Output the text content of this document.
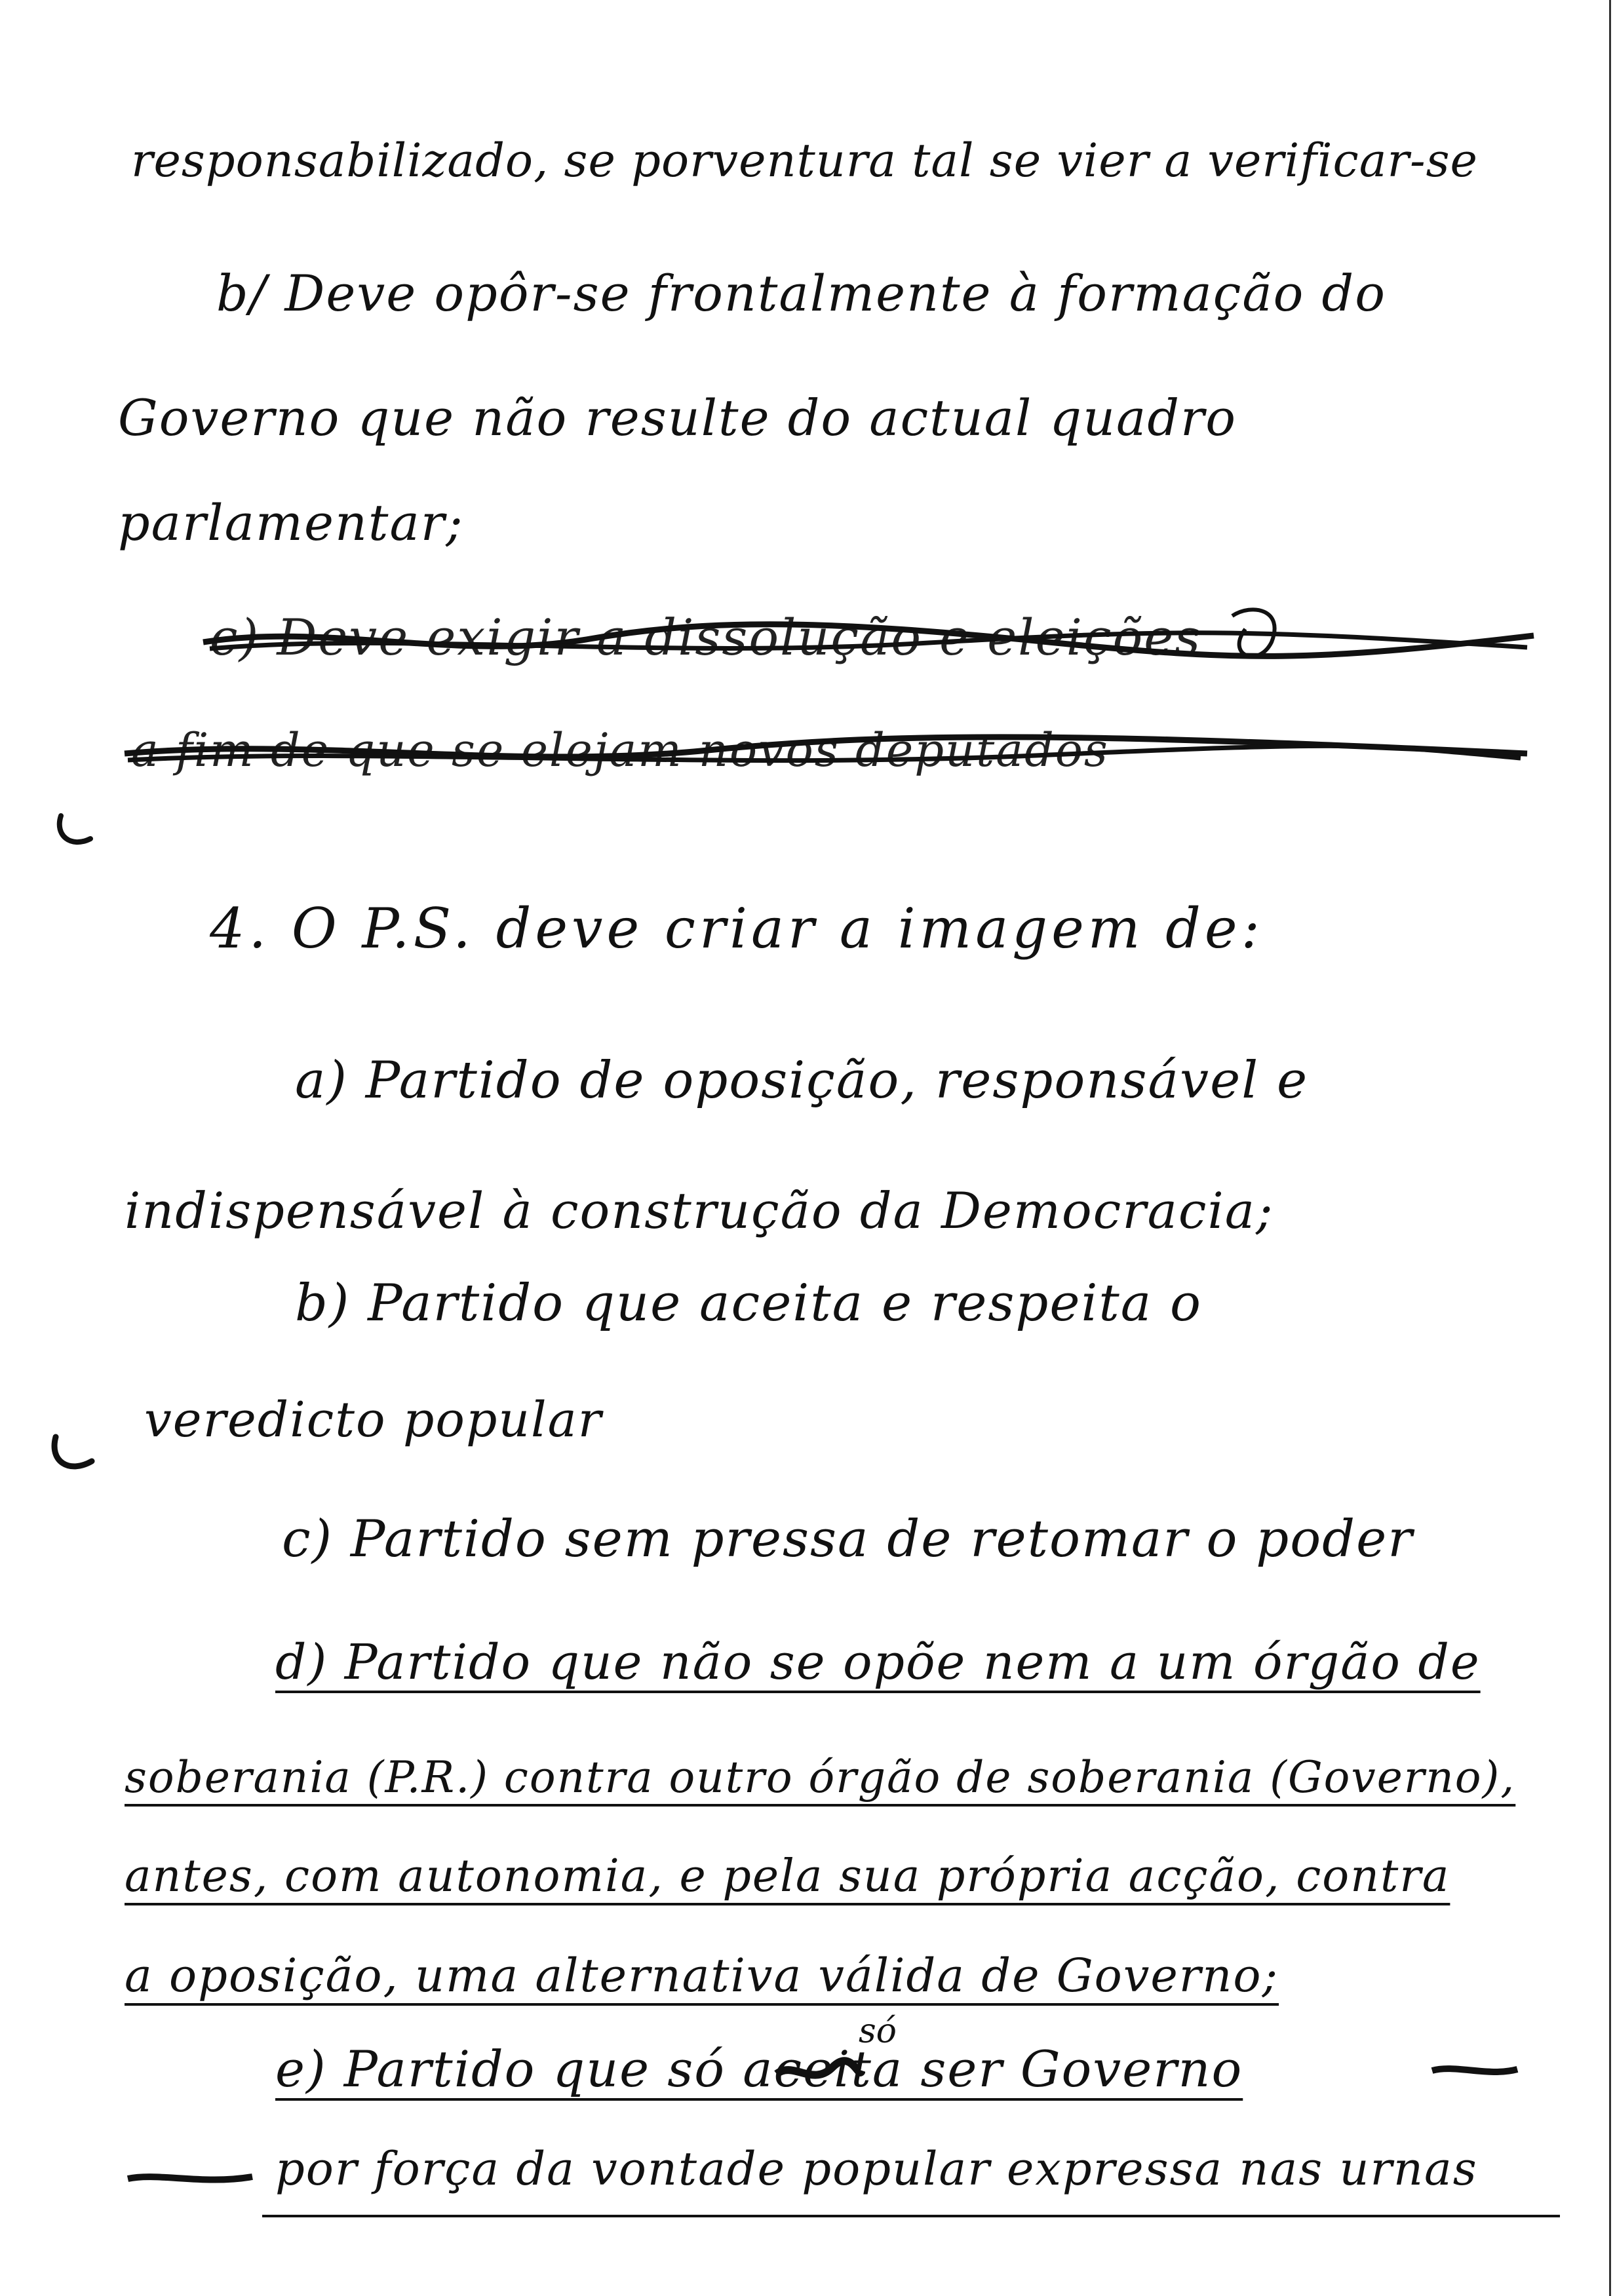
responsabilizado, se porventura tal se vier a verificar-se
b/ Deve opôr-se frontalmente à formação do
Governo que não resulte do actual quadro
parlamentar;
c) Deve exigir a dissolução e eleições
a fim de que se elejam novos deputados
4. O P.S. deve criar a imagem de:
a) Partido de oposição, responsável e
indispensável à construção da Democracia;
b) Partido que aceita e respeita o
veredicto popular
c) Partido sem pressa de retomar o poder
d) Partido que não se opõe nem a um órgão de
soberania (P.R.) contra outro órgão de soberania (Governo),
antes, com autonomia, e pela sua própria acção, contra
a oposição, uma alternativa válida de Governo;
só
e) Partido que só aceita ser Governo
por força da vontade popular expressa nas urnas
